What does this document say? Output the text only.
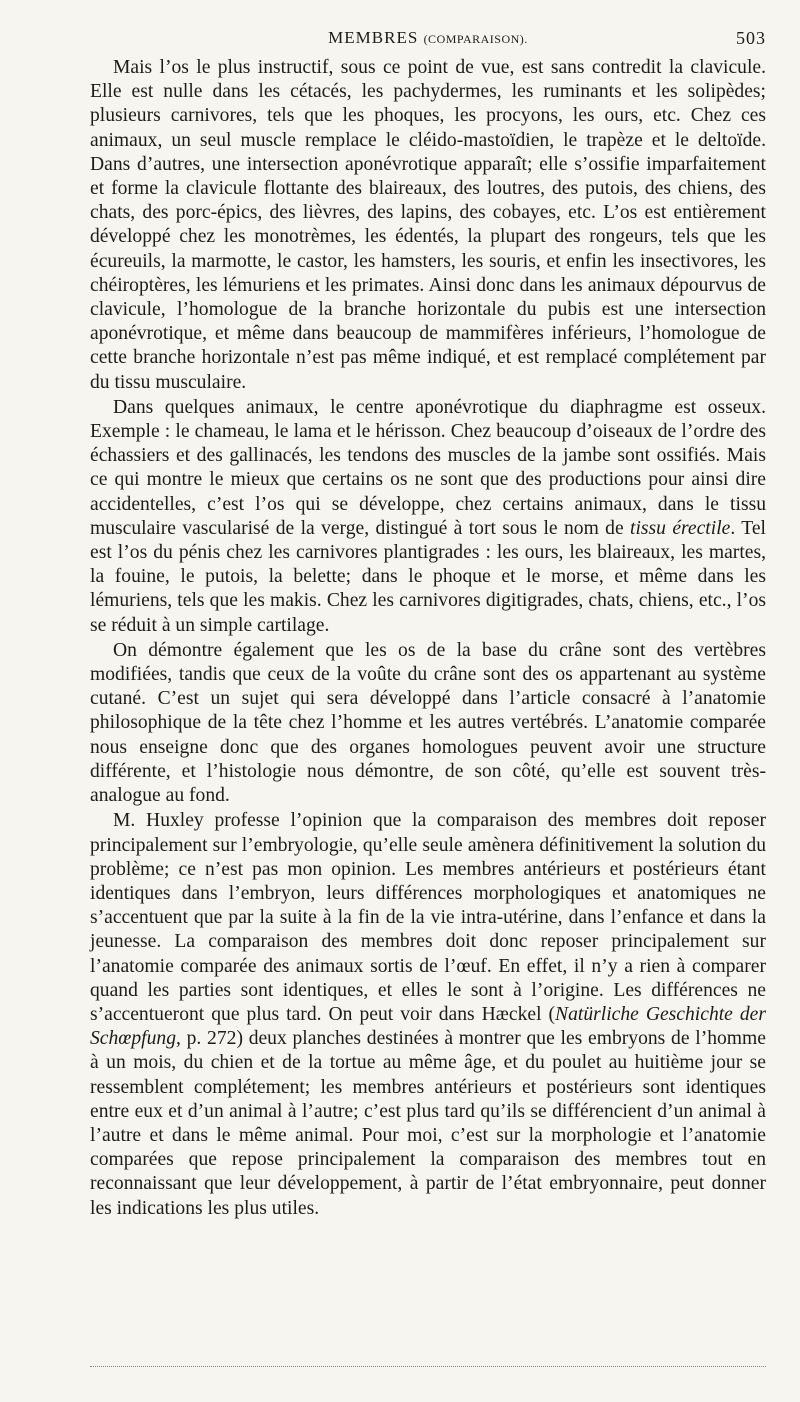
MEMBRES (COMPARAISON).	503

Mais l’os le plus instructif, sous ce point de vue, est sans contredit la clavicule. Elle est nulle dans les cétacés, les pachydermes, les ruminants et les solipèdes; plusieurs carnivores, tels que les phoques, les procyons, les ours, etc. Chez ces animaux, un seul muscle remplace le cléido-mastoïdien, le trapèze et le deltoïde. Dans d’autres, une intersection aponévrotique apparaît; elle s’ossifie imparfaitement et forme la clavicule flottante des blaireaux, des loutres, des putois, des chiens, des chats, des porc-épics, des lièvres, des lapins, des cobayes, etc. L’os est entièrement développé chez les monotrèmes, les édentés, la plupart des rongeurs, tels que les écureuils, la marmotte, le castor, les hamsters, les souris, et enfin les insectivores, les chéiroptères, les lémuriens et les primates. Ainsi donc dans les animaux dépourvus de clavicule, l’homologue de la branche horizontale du pubis est une intersection aponévrotique, et même dans beaucoup de mammifères inférieurs, l’homologue de cette branche horizontale n’est pas même indiqué, et est remplacé complétement par du tissu musculaire.

Dans quelques animaux, le centre aponévrotique du diaphragme est osseux. Exemple : le chameau, le lama et le hérisson. Chez beaucoup d’oiseaux de l’ordre des échassiers et des gallinacés, les tendons des muscles de la jambe sont ossifiés. Mais ce qui montre le mieux que certains os ne sont que des productions pour ainsi dire accidentelles, c’est l’os qui se développe, chez certains animaux, dans le tissu musculaire vascularisé de la verge, distingué à tort sous le nom de tissu érectile. Tel est l’os du pénis chez les carnivores plantigrades : les ours, les blaireaux, les martes, la fouine, le putois, la belette; dans le phoque et le morse, et même dans les lémuriens, tels que les makis. Chez les carnivores digitigrades, chats, chiens, etc., l’os se réduit à un simple cartilage.

On démontre également que les os de la base du crâne sont des vertèbres modifiées, tandis que ceux de la voûte du crâne sont des os appartenant au système cutané. C’est un sujet qui sera développé dans l’article consacré à l’anatomie philosophique de la tête chez l’homme et les autres vertébrés. L’anatomie comparée nous enseigne donc que des organes homologues peuvent avoir une structure différente, et l’histologie nous démontre, de son côté, qu’elle est souvent très-analogue au fond.

M. Huxley professe l’opinion que la comparaison des membres doit reposer principalement sur l’embryologie, qu’elle seule amènera définitivement la solution du problème; ce n’est pas mon opinion. Les membres antérieurs et postérieurs étant identiques dans l’embryon, leurs différences morphologiques et anatomiques ne s’accentuent que par la suite à la fin de la vie intra-utérine, dans l’enfance et dans la jeunesse. La comparaison des membres doit donc reposer principalement sur l’anatomie comparée des animaux sortis de l’œuf. En effet, il n’y a rien à comparer quand les parties sont identiques, et elles le sont à l’origine. Les différences ne s’accentueront que plus tard. On peut voir dans Hæckel (Natürliche Geschichte der Schœpfung, p. 272) deux planches destinées à montrer que les embryons de l’homme à un mois, du chien et de la tortue au même âge, et du poulet au huitième jour se ressemblent complétement; les membres antérieurs et postérieurs sont identiques entre eux et d’un animal à l’autre; c’est plus tard qu’ils se différencient d’un animal à l’autre et dans le même animal. Pour moi, c’est sur la morphologie et l’anatomie comparées que repose principalement la comparaison des membres tout en reconnaissant que leur développement, à partir de l’état embryonnaire, peut donner les indications les plus utiles.
